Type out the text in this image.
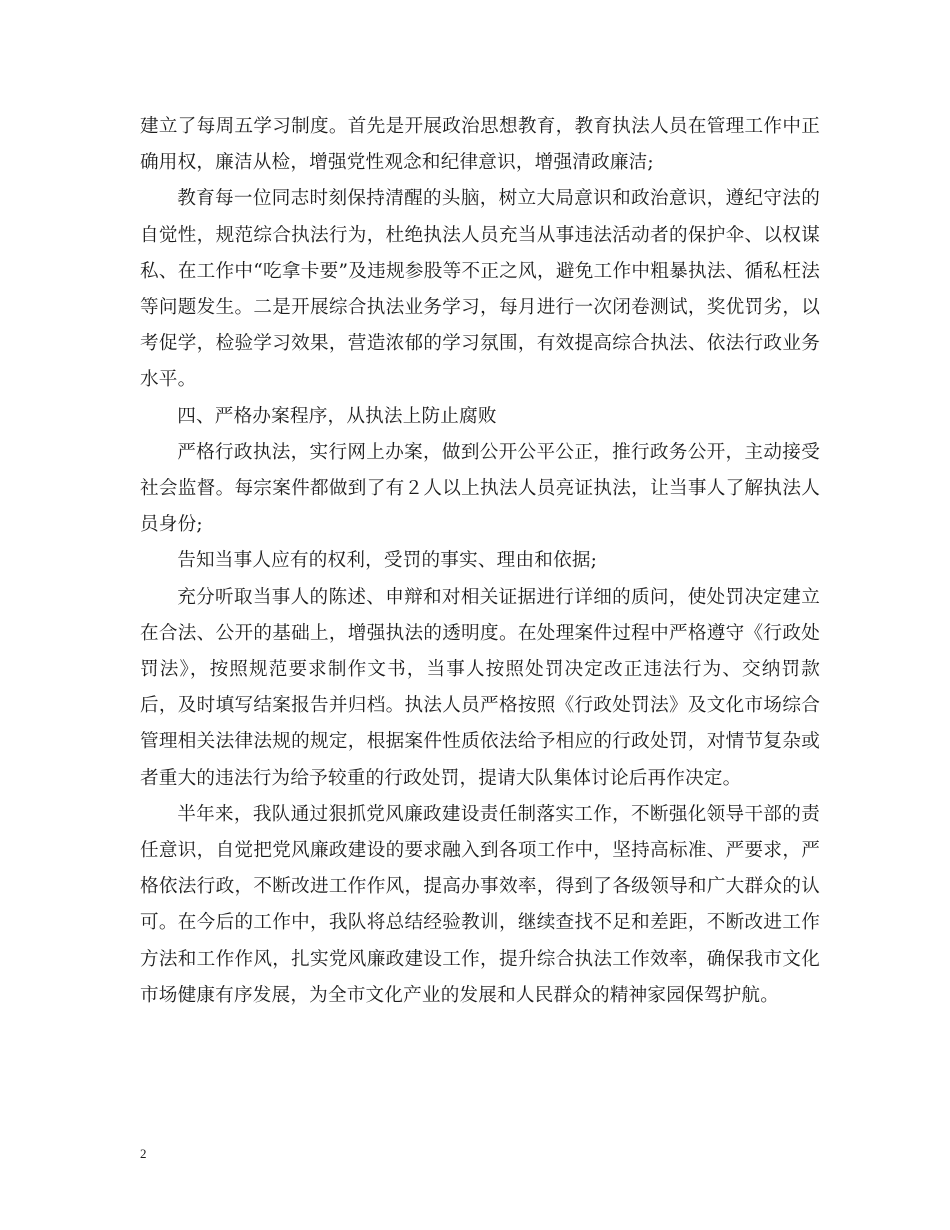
建立了每周五学习制度。首先是开展政治思想教育，教育执法人员在管理工作中正确用权，廉洁从检，增强党性观念和纪律意识，增强清政廉洁;

教育每一位同志时刻保持清醒的头脑，树立大局意识和政治意识，遵纪守法的自觉性，规范综合执法行为，杜绝执法人员充当从事违法活动者的保护伞、以权谋私、在工作中“吃拿卡要”及违规参股等不正之风，避免工作中粗暴执法、循私枉法等问题发生。二是开展综合执法业务学习，每月进行一次闭卷测试，奖优罚劣，以考促学，检验学习效果，营造浓郁的学习氛围，有效提高综合执法、依法行政业务水平。

四、严格办案程序，从执法上防止腐败

严格行政执法，实行网上办案，做到公开公平公正，推行政务公开，主动接受社会监督。每宗案件都做到了有２人以上执法人员亮证执法，让当事人了解执法人员身份;

告知当事人应有的权利，受罚的事实、理由和依据;

充分听取当事人的陈述、申辩和对相关证据进行详细的质问，使处罚决定建立在合法、公开的基础上，增强执法的透明度。在处理案件过程中严格遵守《行政处罚法》，按照规范要求制作文书，当事人按照处罚决定改正违法行为、交纳罚款后，及时填写结案报告并归档。执法人员严格按照《行政处罚法》及文化市场综合管理相关法律法规的规定，根据案件性质依法给予相应的行政处罚，对情节复杂或者重大的违法行为给予较重的行政处罚，提请大队集体讨论后再作决定。

半年来，我队通过狠抓党风廉政建设责任制落实工作，不断强化领导干部的责任意识，自觉把党风廉政建设的要求融入到各项工作中，坚持高标准、严要求，严格依法行政，不断改进工作作风，提高办事效率，得到了各级领导和广大群众的认可。在今后的工作中，我队将总结经验教训，继续查找不足和差距，不断改进工作方法和工作作风，扎实党风廉政建设工作，提升综合执法工作效率，确保我市文化市场健康有序发展，为全市文化产业的发展和人民群众的精神家园保驾护航。

2
